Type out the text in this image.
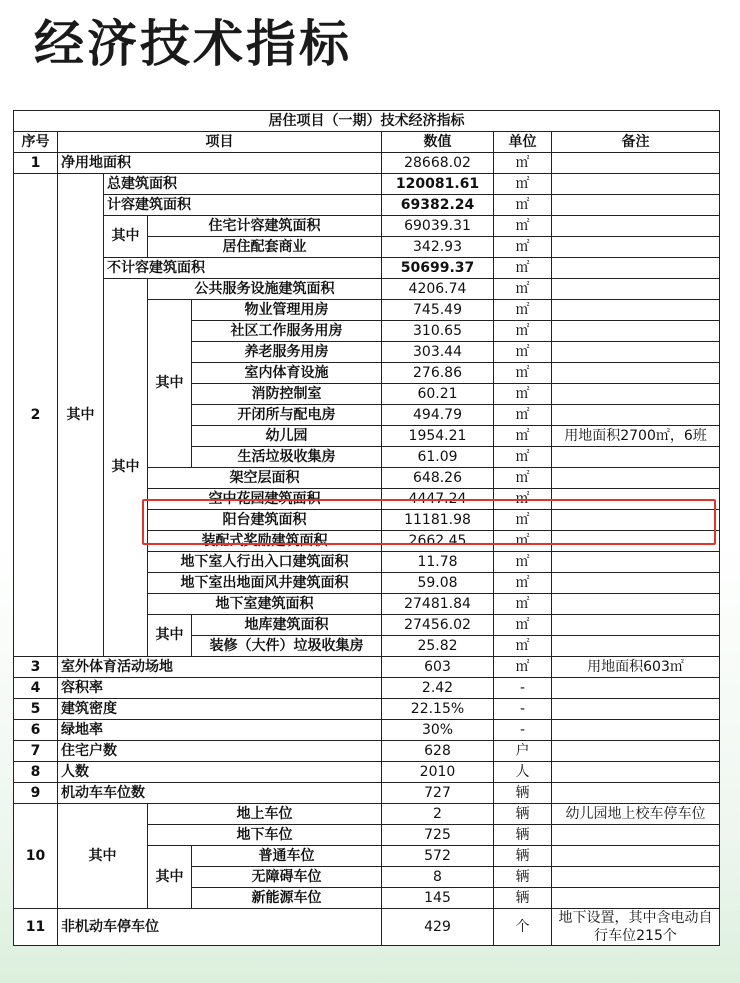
经济技术指标
居住项目（一期）技术经济指标							
序号	项目				数值	单位	备注
1	净用地面积				28668.02	㎡	
2	其中	总建筑面积			120081.61	㎡	
		计容建筑面积			69382.24	㎡	
		其中	住宅计容建筑面积		69039.31	㎡	
			居住配套商业		342.93	㎡	
		不计容建筑面积			50699.37	㎡	
		其中	公共服务设施建筑面积		4206.74	㎡	
			其中	物业管理用房	745.49	㎡	
				社区工作服务用房	310.65	㎡	
				养老服务用房	303.44	㎡	
				室内体育设施	276.86	㎡	
				消防控制室	60.21	㎡	
				开闭所与配电房	494.79	㎡	
				幼儿园	1954.21	㎡	用地面积2700㎡，6班
				生活垃圾收集房	61.09	㎡	
			架空层面积		648.26	㎡	
			空中花园建筑面积		4447.24	㎡	
			阳台建筑面积		11181.98	㎡	
			装配式奖励建筑面积		2662.45	㎡	
			地下室人行出入口建筑面积		11.78	㎡	
			地下室出地面风井建筑面积		59.08	㎡	
			地下室建筑面积		27481.84	㎡	
			其中	地库建筑面积	27456.02	㎡	
				装修（大件）垃圾收集房	25.82	㎡	
3	室外体育活动场地				603	㎡	用地面积603㎡
4	容积率				2.42	-	
5	建筑密度				22.15%	-	
6	绿地率				30%	-	
7	住宅户数				628	户	
8	人数				2010	人	
9	机动车车位数				727	辆	
10	其中		地上车位		2	辆	幼儿园地上校车停车位
			地下车位		725	辆	
			其中	普通车位	572	辆	
				无障碍车位	8	辆	
				新能源车位	145	辆	
11	非机动车停车位				429	个	地下设置，其中含电动自行车位215个
